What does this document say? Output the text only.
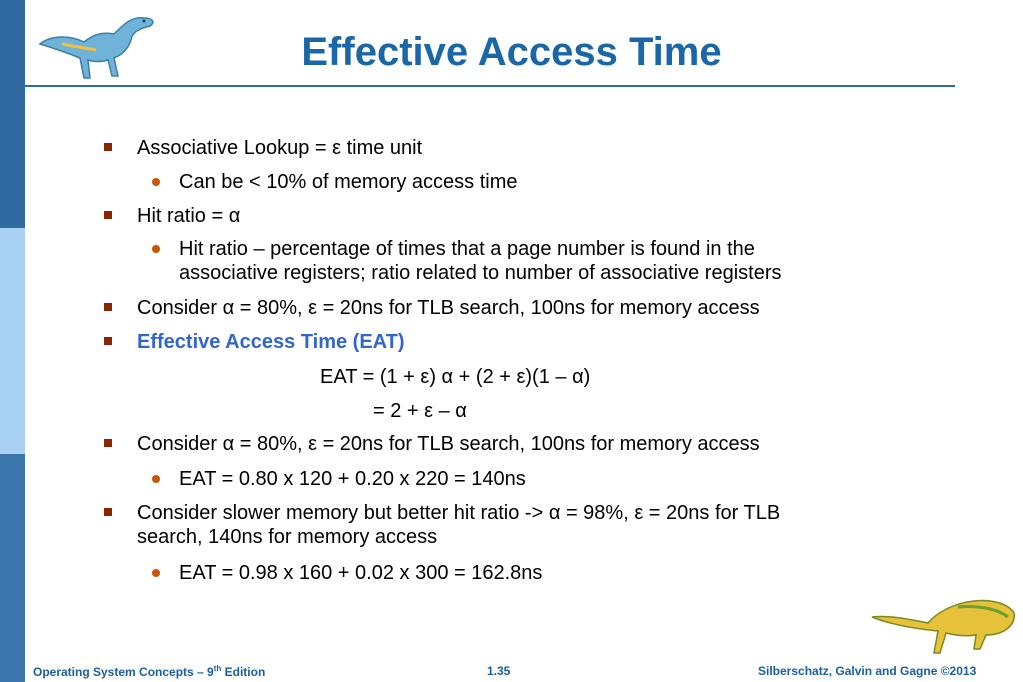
Effective Access Time
Associative Lookup = ε time unit
Can be < 10% of memory access time
Hit ratio = α
Hit ratio – percentage of times that a page number is found in the
associative registers; ratio related to number of associative registers
Consider α = 80%, ε = 20ns for TLB search, 100ns for memory access
Effective Access Time (EAT)
EAT = (1 + ε) α + (2 + ε)(1 – α)
= 2 + ε – α
Consider α = 80%, ε = 20ns for TLB search, 100ns for memory access
EAT = 0.80 x 120 + 0.20 x 220 = 140ns
Consider slower memory but better hit ratio -> α = 98%, ε = 20ns for TLB
search, 140ns for memory access
EAT = 0.98 x 160 + 0.02 x 300 = 162.8ns
Operating System Concepts – 9th Edition	1.35	Silberschatz, Galvin and Gagne ©2013
